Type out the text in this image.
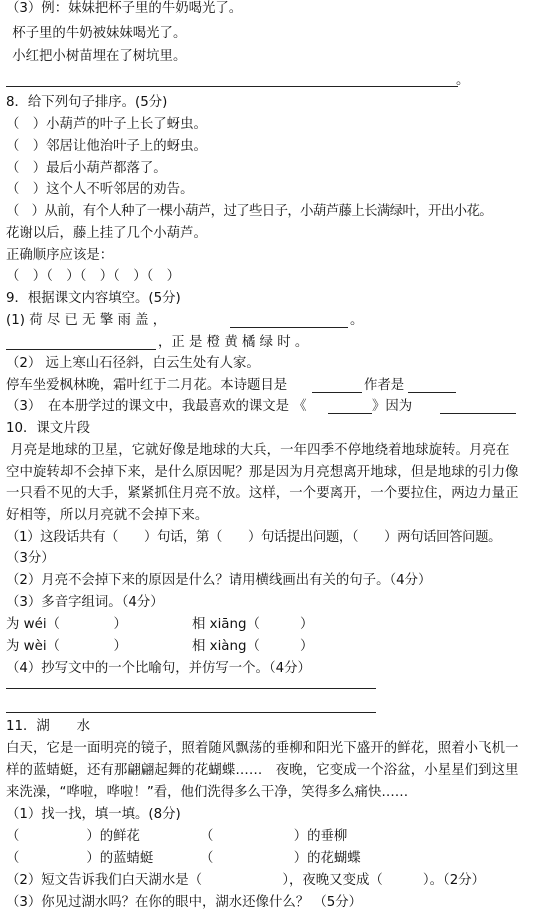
（3）例：妹妹把杯子里的牛奶喝光了。
杯子里的牛奶被妹妹喝光了。
小红把小树苗埋在了树坑里。
。
8．给下列句子排序。(5分)
（　）小葫芦的叶子上长了蚜虫。
（　）邻居让他治叶子上的蚜虫。
（　）最后小葫芦都落了。
（　）这个人不听邻居的劝告。
（　）从前，有个人种了一棵小葫芦，过了些日子，小葫芦藤上长满绿叶，开出小花。
花谢以后，藤上挂了几个小葫芦。
正确顺序应该是：
（　）（　）（　）（　）（　）
9．根据课文内容填空。(5分)
(1) 荷 尽 已 无 擎 雨 盖 ，	。
，正 是 橙 黄 橘 绿 时 。
（2） 远上寒山石径斜，白云生处有人家。
停车坐爱枫林晚，霜叶红于二月花。本诗题目是	作者是
（3）　在本册学过的课文中，我最喜欢的课文是 《	》因为
10．课文片段
月亮是地球的卫星，它就好像是地球的大兵，一年四季不停地绕着地球旋转。月亮在
空中旋转却不会掉下来，是什么原因呢？那是因为月亮想离开地球，但是地球的引力像
一只看不见的大手，紧紧抓住月亮不放。这样，一个要离开，一个要拉住，两边力量正
好相等，所以月亮就不会掉下来。
（1）这段话共有（　　）句话，第（　　）句话提出问题，（　　）两句话回答问题。
（3分）
（2）月亮不会掉下来的原因是什么？请用横线画出有关的句子。（4分）
（3）多音字组词。（4分）
为 wéi（　　　　）	相 xiāng（　　　）
为 wèi（　　　　）	相 xiàng（　　　）
（4）抄写文中的一个比喻句，并仿写一个。（4分）
11．湖　　水
白天，它是一面明亮的镜子，照着随风飘荡的垂柳和阳光下盛开的鲜花，照着小飞机一
样的蓝蜻蜓，还有那翩翩起舞的花蝴蝶……　夜晚，它变成一个浴盆，小星星们到这里
来洗澡，“哗啦，哗啦！”看，他们洗得多么干净，笑得多么痛快……
（1）找一找，填一填。(8分)
（　　　　　）的鲜花	（　　　　　　）的垂柳
（　　　　　）的蓝蜻蜓	（　　　　　　）的花蝴蝶
（2）短文告诉我们白天湖水是（　　　　　　），夜晚又变成（　　　）。（2分）
（3）你见过湖水吗？在你的眼中，湖水还像什么？ （5分）
